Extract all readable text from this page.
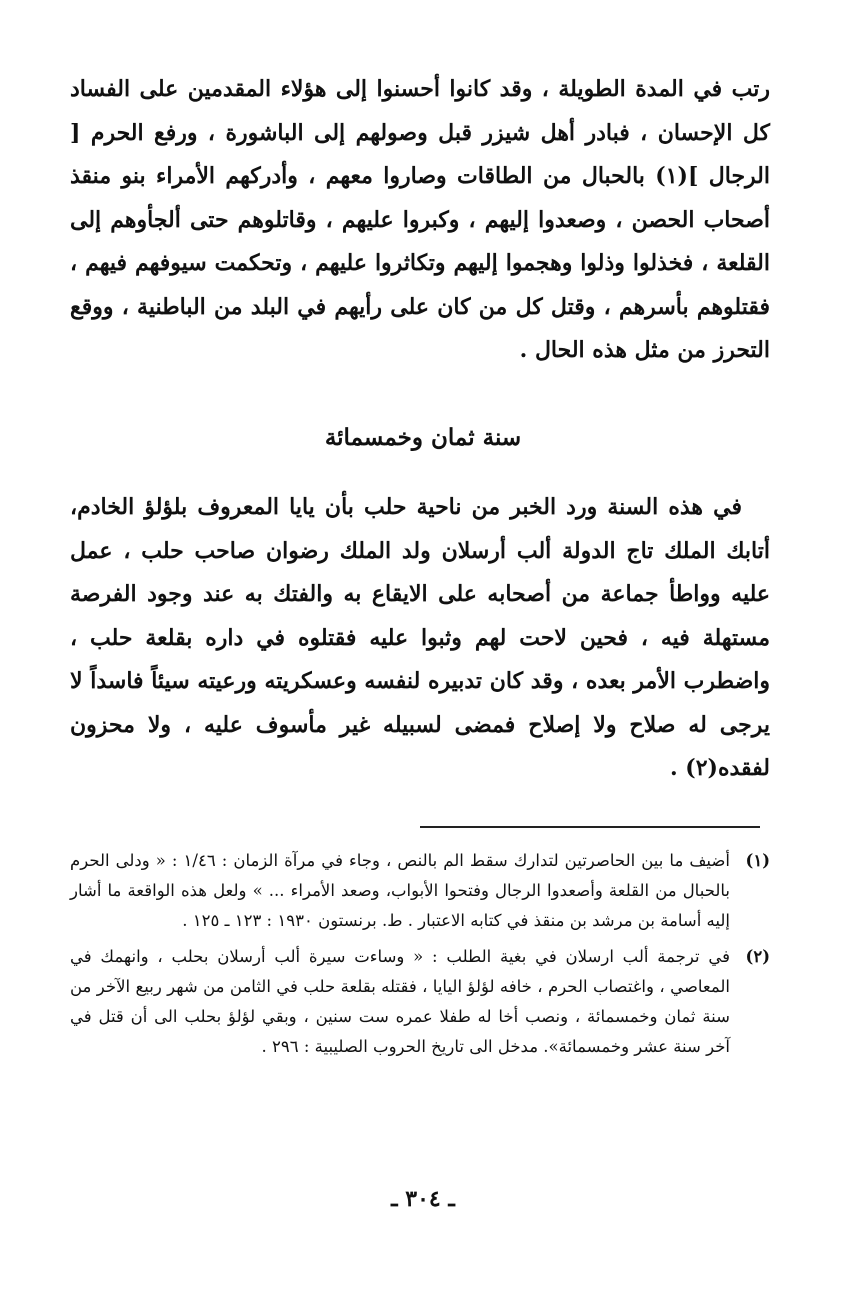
رتب في المدة الطويلة ، وقد كانوا أحسنوا إلى هؤلاء المقدمين على الفساد كل الإحسان ، فبادر أهل شيزر قبل وصولهم إلى الباشورة ، ورفع الحرم [ الرجال ](١) بالحبال من الطاقات وصاروا معهم ، وأدركهم الأمراء بنو منقذ أصحاب الحصن ، وصعدوا إليهم ، وكبروا عليهم ، وقاتلوهم حتى ألجأوهم إلى القلعة ، فخذلوا وذلوا وهجموا إليهم وتكاثروا عليهم ، وتحكمت سيوفهم فيهم ، فقتلوهم بأسرهم ، وقتل كل من كان على رأيهم في البلد من الباطنية ، ووقع التحرز من مثل هذه الحال .

سنة ثمان وخمسمائة

في هذه السنة ورد الخبر من ناحية حلب بأن يايا المعروف بلؤلؤ الخادم، أتابك الملك تاج الدولة ألب أرسلان ولد الملك رضوان صاحب حلب ، عمل عليه وواطأ جماعة من أصحابه على الايقاع به والفتك به عند وجود الفرصة مستهلة فيه ، فحين لاحت لهم وثبوا عليه فقتلوه في داره بقلعة حلب ، واضطرب الأمر بعده ، وقد كان تدبيره لنفسه وعسكريته ورعيته سيئاً فاسداً لا يرجى له صلاح ولا إصلاح فمضى لسبيله غير مأسوف عليه ، ولا محزون لفقده(٢) .

(١)
أضيف ما بين الحاصرتين لتدارك سقط الم بالنص ، وجاء في مرآة الزمان : ١/٤٦ : « ودلى الحرم بالحبال من القلعة وأصعدوا الرجال وفتحوا الأبواب، وصعد الأمراء ... » ولعل هذه الواقعة ما أشار إليه أسامة بن مرشد بن منقذ في كتابه الاعتبار . ط. برنستون ١٩٣٠ : ١٢٣ ـ ١٢٥ .
(٢)
في ترجمة ألب ارسلان في بغية الطلب : « وساءت سيرة ألب أرسلان بحلب ، وانهمك في المعاصي ، واغتصاب الحرم ، خافه لؤلؤ اليايا ، فقتله بقلعة حلب في الثامن من شهر ربيع الآخر من سنة ثمان وخمسمائة ، ونصب أخا له طفلا عمره ست سنين ، وبقي لؤلؤ بحلب الى أن قتل في آخر سنة عشر وخمسمائة». مدخل الى تاريخ الحروب الصليبية : ٢٩٦ .
ـ ٣٠٤ ـ
